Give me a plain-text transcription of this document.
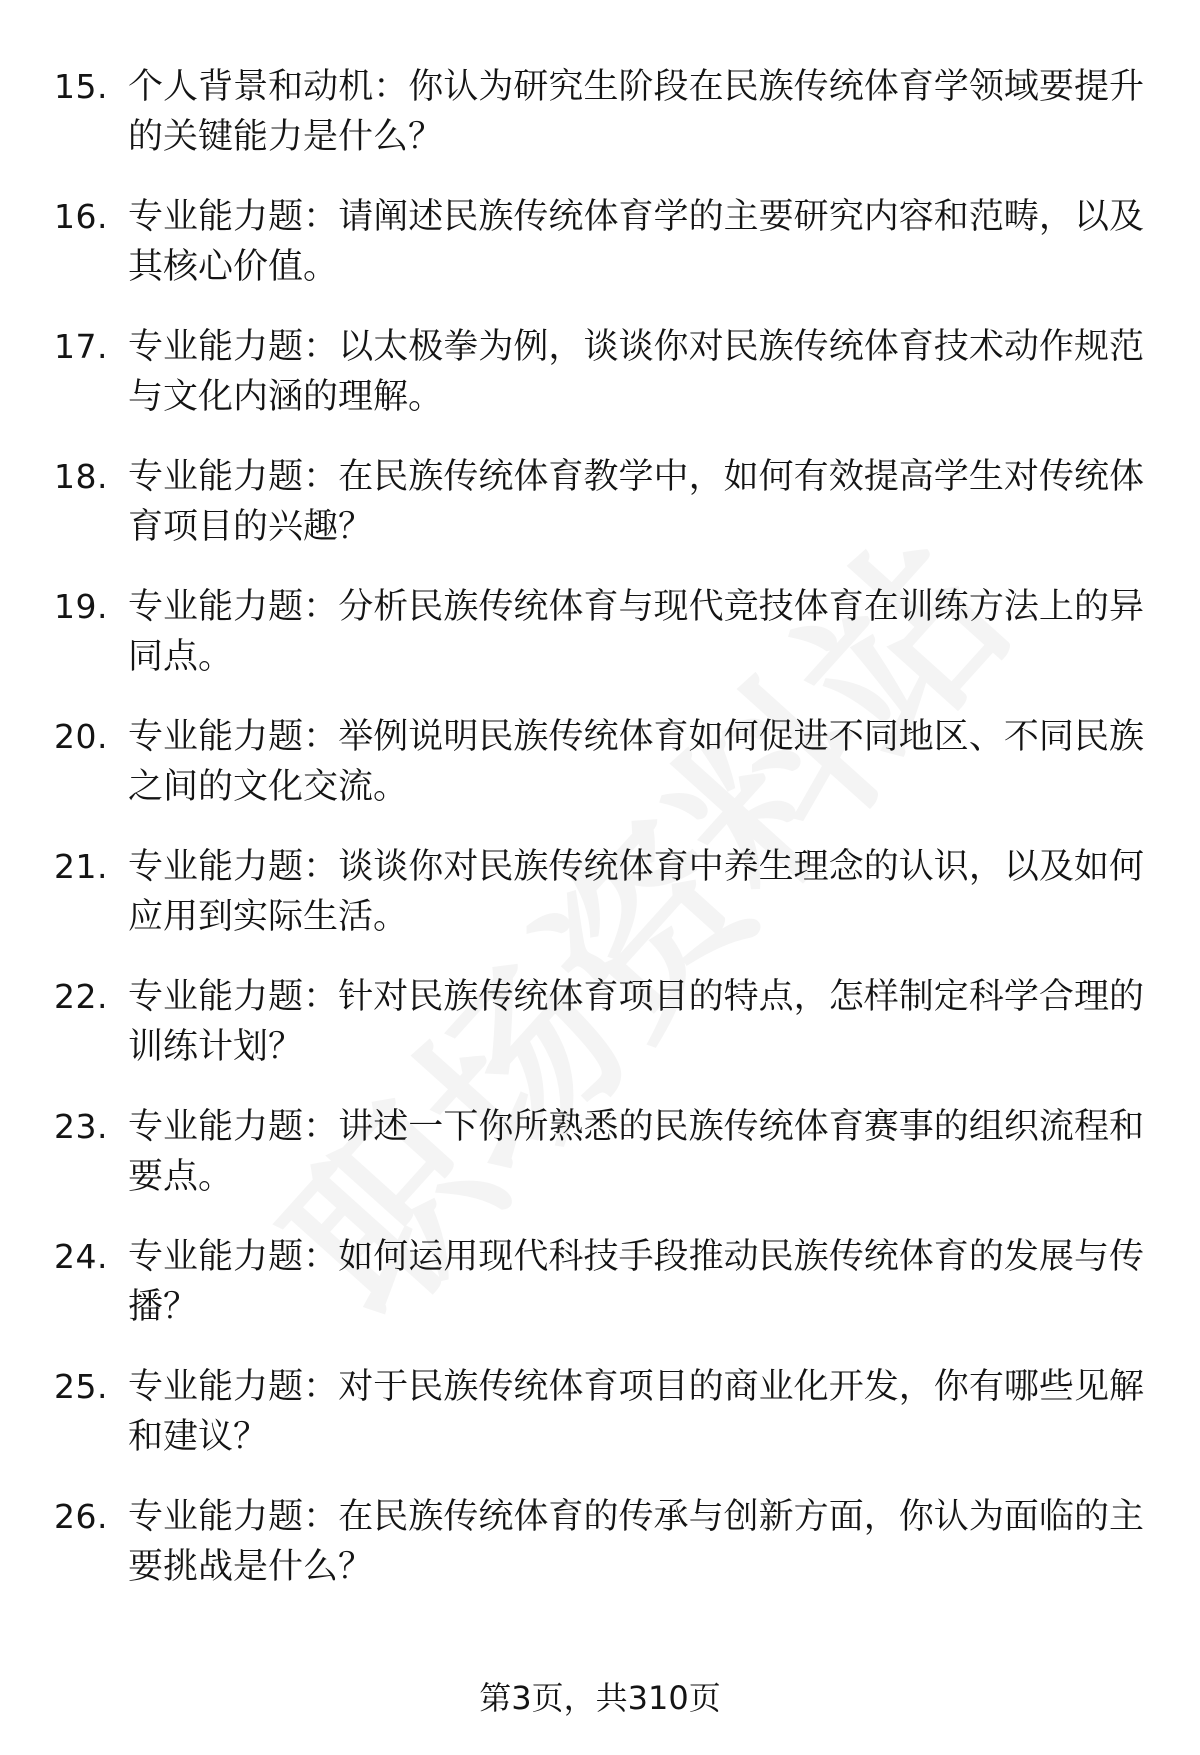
15. 个人背景和动机：你认为研究生阶段在民族传统体育学领域要提升的关键能力是什么？
16. 专业能力题：请阐述民族传统体育学的主要研究内容和范畴，以及其核心价值。
17. 专业能力题：以太极拳为例，谈谈你对民族传统体育技术动作规范与文化内涵的理解。
18. 专业能力题：在民族传统体育教学中，如何有效提高学生对传统体育项目的兴趣？
19. 专业能力题：分析民族传统体育与现代竞技体育在训练方法上的异同点。
20. 专业能力题：举例说明民族传统体育如何促进不同地区、不同民族之间的文化交流。
21. 专业能力题：谈谈你对民族传统体育中养生理念的认识，以及如何应用到实际生活。
22. 专业能力题：针对民族传统体育项目的特点，怎样制定科学合理的训练计划？
23. 专业能力题：讲述一下你所熟悉的民族传统体育赛事的组织流程和要点。
24. 专业能力题：如何运用现代科技手段推动民族传统体育的发展与传播？
25. 专业能力题：对于民族传统体育项目的商业化开发，你有哪些见解和建议？
26. 专业能力题：在民族传统体育的传承与创新方面，你认为面临的主要挑战是什么？
第3页，共310页
